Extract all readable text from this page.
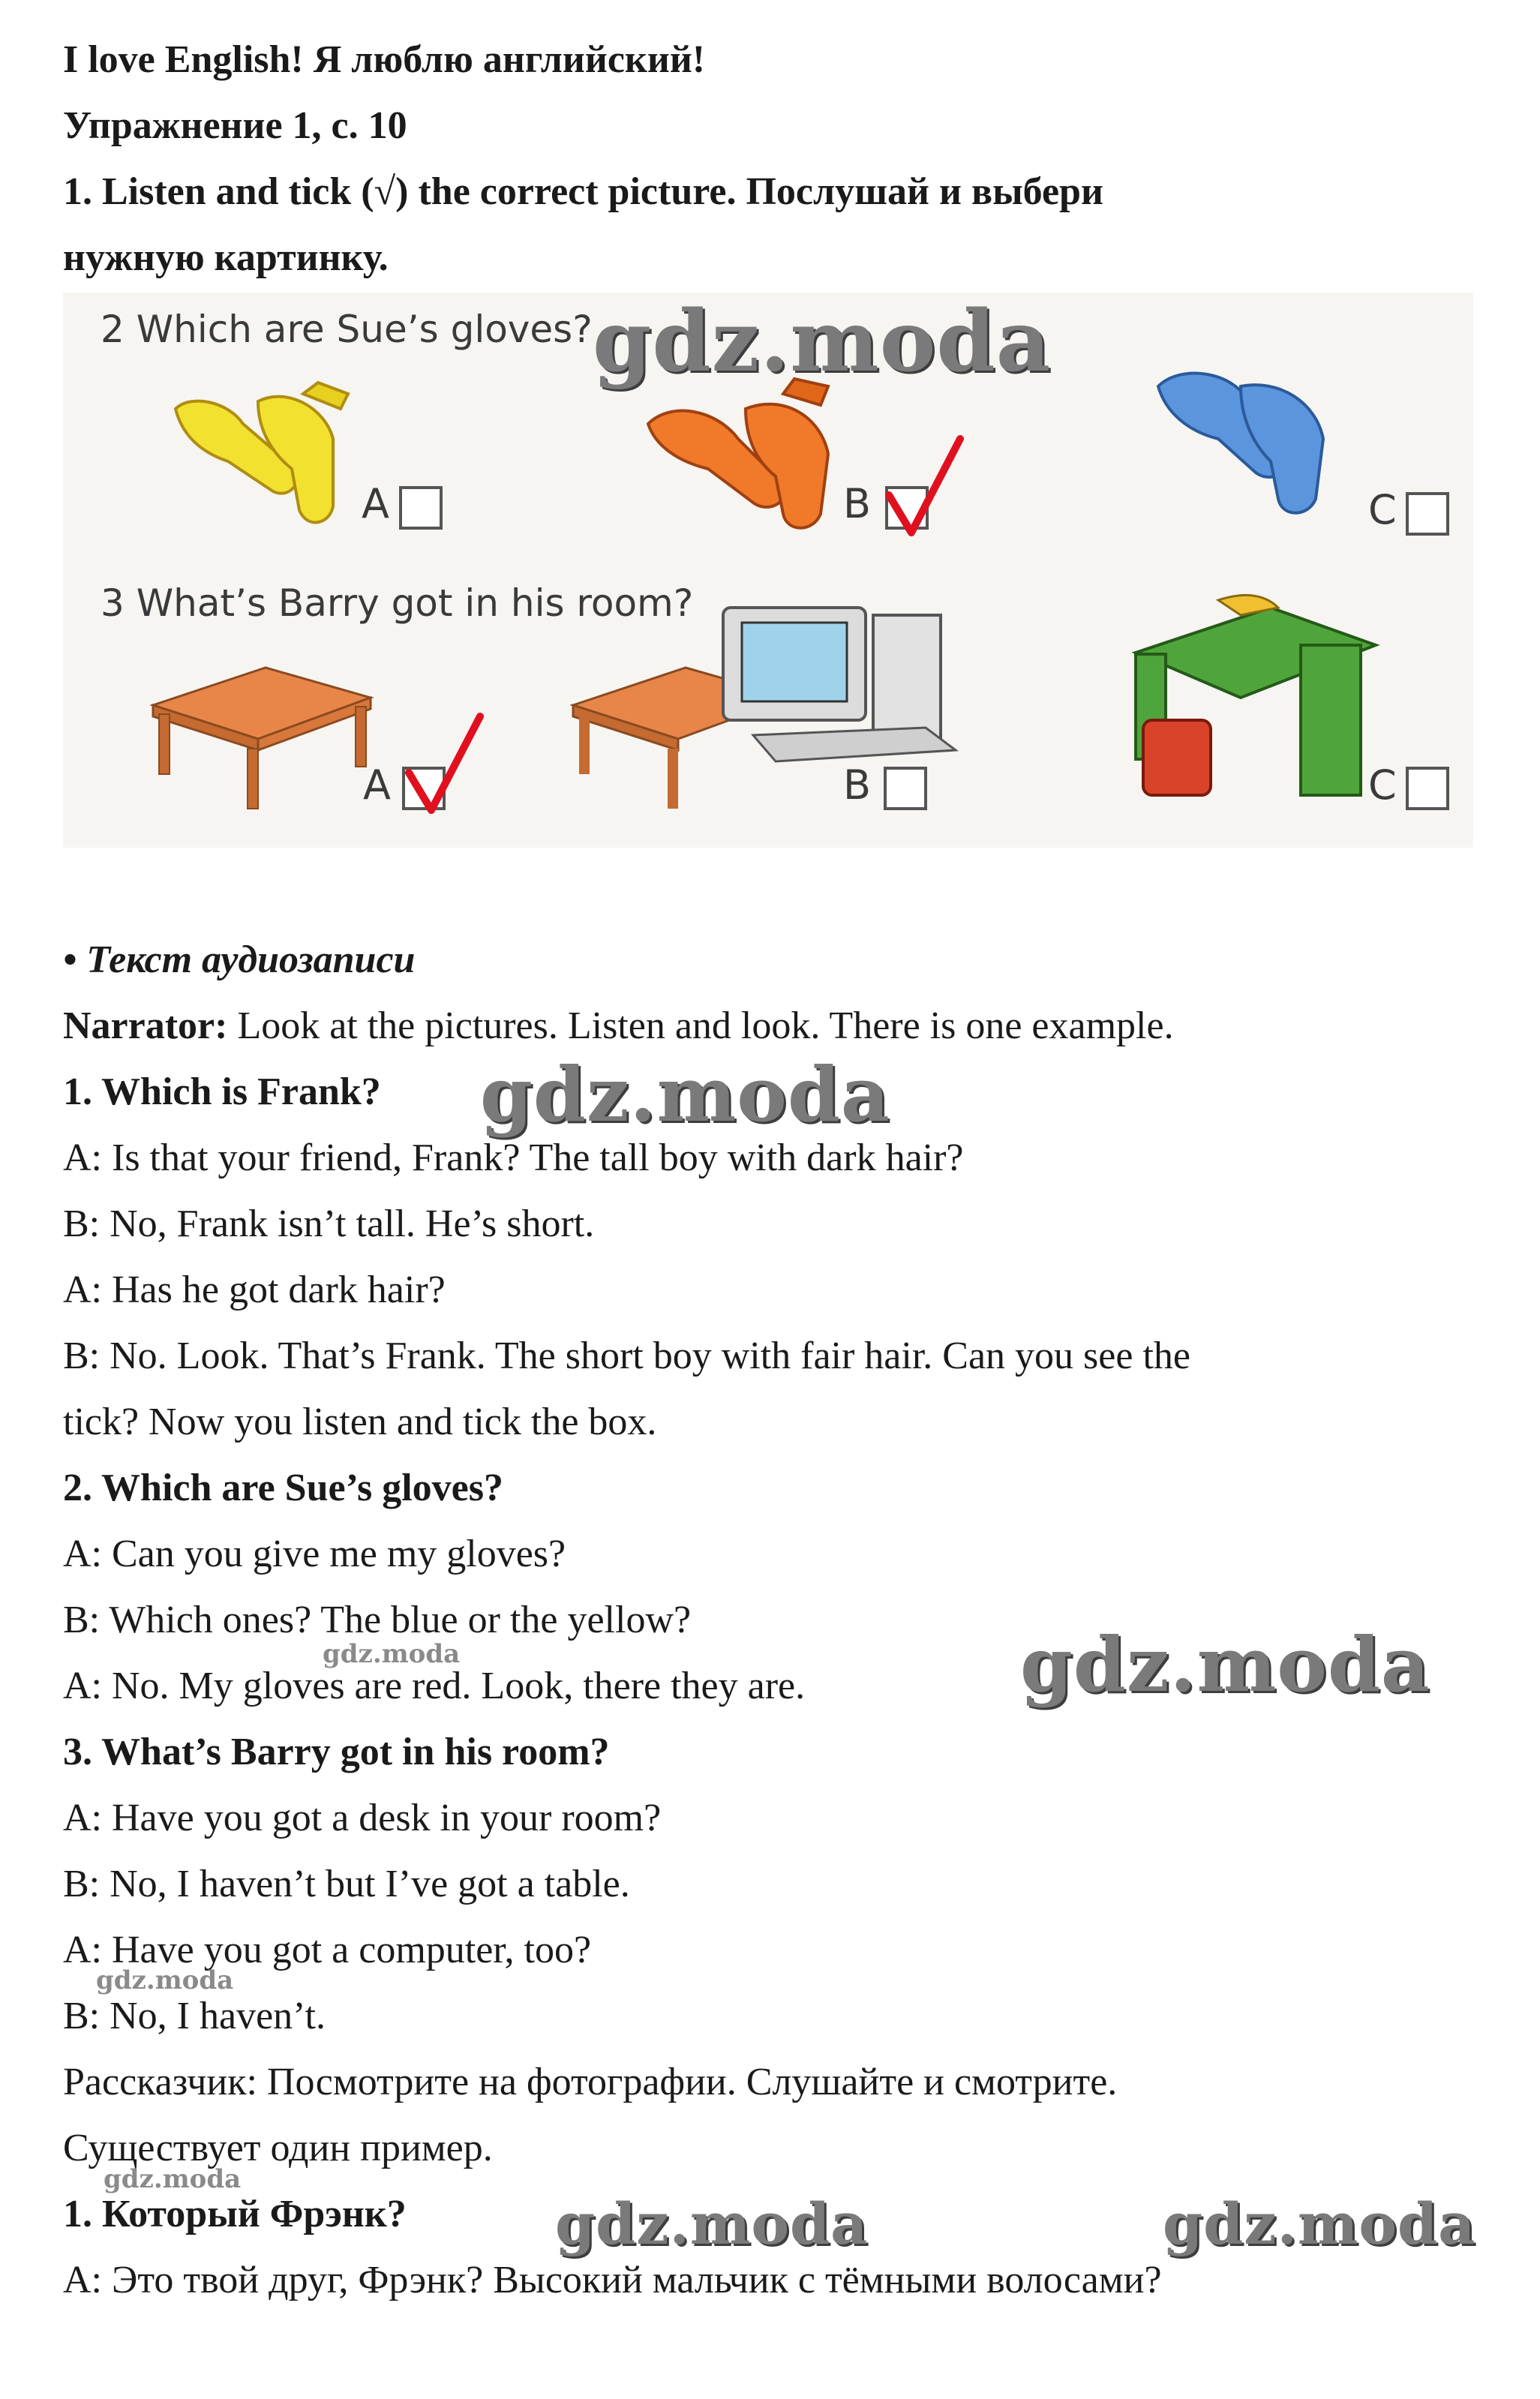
I love English! Я люблю английский!
Упражнение 1, с. 10
1. Listen and tick (√) the correct picture. Послушай и выбери
нужную картинку.
2 Which are Sue’s gloves?
3 What’s Barry got in his room?
A	B	C
A	B	C
• Текст аудиозаписи
Narrator: Look at the pictures. Listen and look. There is one example.
1. Which is Frank?
A: Is that your friend, Frank? The tall boy with dark hair?
B: No, Frank isn’t tall. He’s short.
A: Has he got dark hair?
B: No. Look. That’s Frank. The short boy with fair hair. Can you see the
tick? Now you listen and tick the box.
2. Which are Sue’s gloves?
A: Can you give me my gloves?
B: Which ones? The blue or the yellow?
A: No. My gloves are red. Look, there they are.
3. What’s Barry got in his room?
A: Have you got a desk in your room?
B: No, I haven’t but I’ve got a table.
A: Have you got a computer, too?
B: No, I haven’t.
Рассказчик: Посмотрите на фотографии. Слушайте и смотрите.
Существует один пример.
1. Который Фрэнк?
A: Это твой друг, Фрэнк? Высокий мальчик с тёмными волосами?
gdz.moda
gdz.moda
gdz.moda
gdz.moda	gdz.moda
gdz.moda
gdz.moda
gdz.moda
